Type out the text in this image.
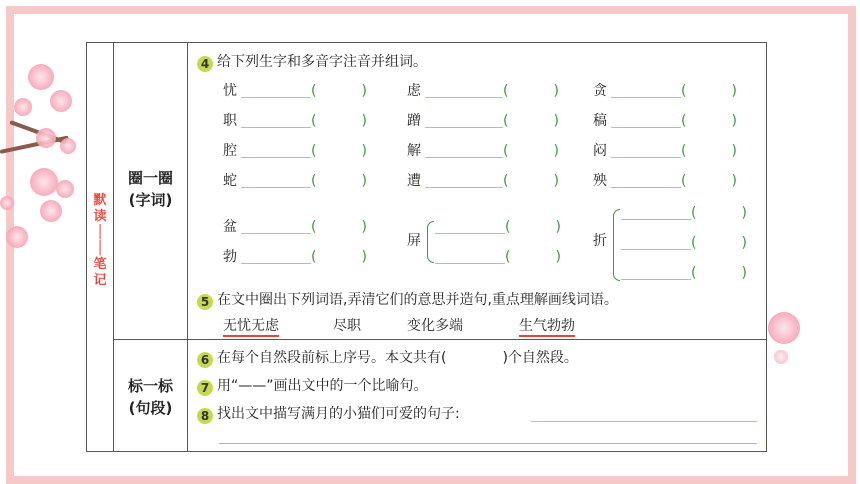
默
读
│
│
笔
记
圈一圈
(字词)
标一标
(句段)
4 给下列生字和多音字注音并组词。
忧	(	)	虑	(	) 贪	(	)
职	(	)	蹭	(	) 稿	(	)
腔	(	)	解	(	) 闷	(	)
蛇	(	)	遭	(	) 殃	(	)
盆	(	)
勃	(	)
屏
(	)
(	)
折
(	)
(	)
(	)
5 在文中圈出下列词语,弄清它们的意思并造句,重点理解画线词语。
无忧无虑	尽职	变化多端	生气勃勃
6 在每个自然段前标上序号。本文共有(	)个自然段。
7 用“——”画出文中的一个比喻句。
8 找出文中描写满月的小猫们可爱的句子:
